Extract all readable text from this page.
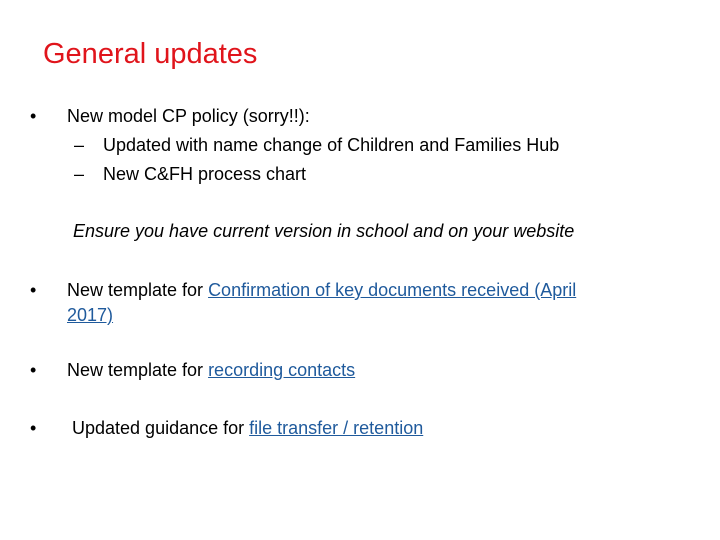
General updates
• New model CP policy (sorry!!):
– Updated with name change of Children and Families Hub
– New C&FH process chart
Ensure you have current version in school and on your website
• New template for Confirmation of key documents received (April
2017)
• New template for recording contacts
• Updated guidance for file transfer / retention
